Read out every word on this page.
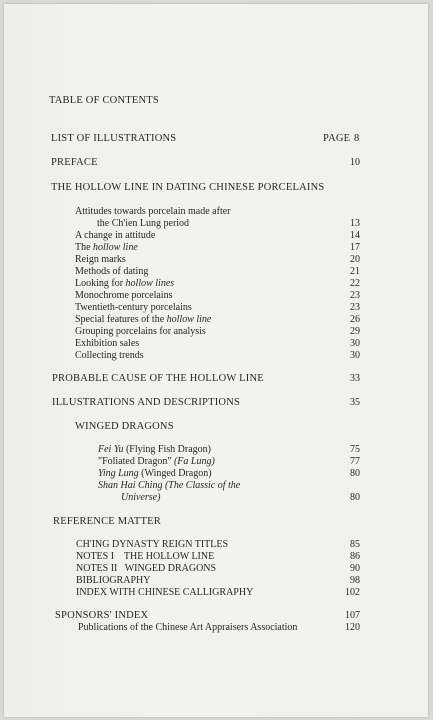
TABLE OF CONTENTS
LIST OF ILLUSTRATIONS	PAGE 8
PREFACE	10
THE HOLLOW LINE IN DATING CHINESE PORCELAINS
Attitudes towards porcelain made after
the Ch'ien Lung period	13
A change in attitude	14
The hollow line	17
Reign marks	20
Methods of dating	21
Looking for hollow lines	22
Monochrome porcelains	23
Twentieth-century porcelains	23
Special features of the hollow line	26
Grouping porcelains for analysis	29
Exhibition sales	30
Collecting trends	30
PROBABLE CAUSE OF THE HOLLOW LINE	33
ILLUSTRATIONS AND DESCRIPTIONS	35
WINGED DRAGONS
Fei Yu (Flying Fish Dragon)	75
"Foliated Dragon" (Fa Lung)	77
Ying Lung (Winged Dragon)	80
Shan Hai Ching (The Classic of the
Universe)	80
REFERENCE MATTER
CH'ING DYNASTY REIGN TITLES	85
NOTES I    THE HOLLOW LINE	86
NOTES II   WINGED DRAGONS	90
BIBLIOGRAPHY	98
INDEX WITH CHINESE CALLIGRAPHY	102
SPONSORS' INDEX	107
Publications of the Chinese Art Appraisers Association	120
